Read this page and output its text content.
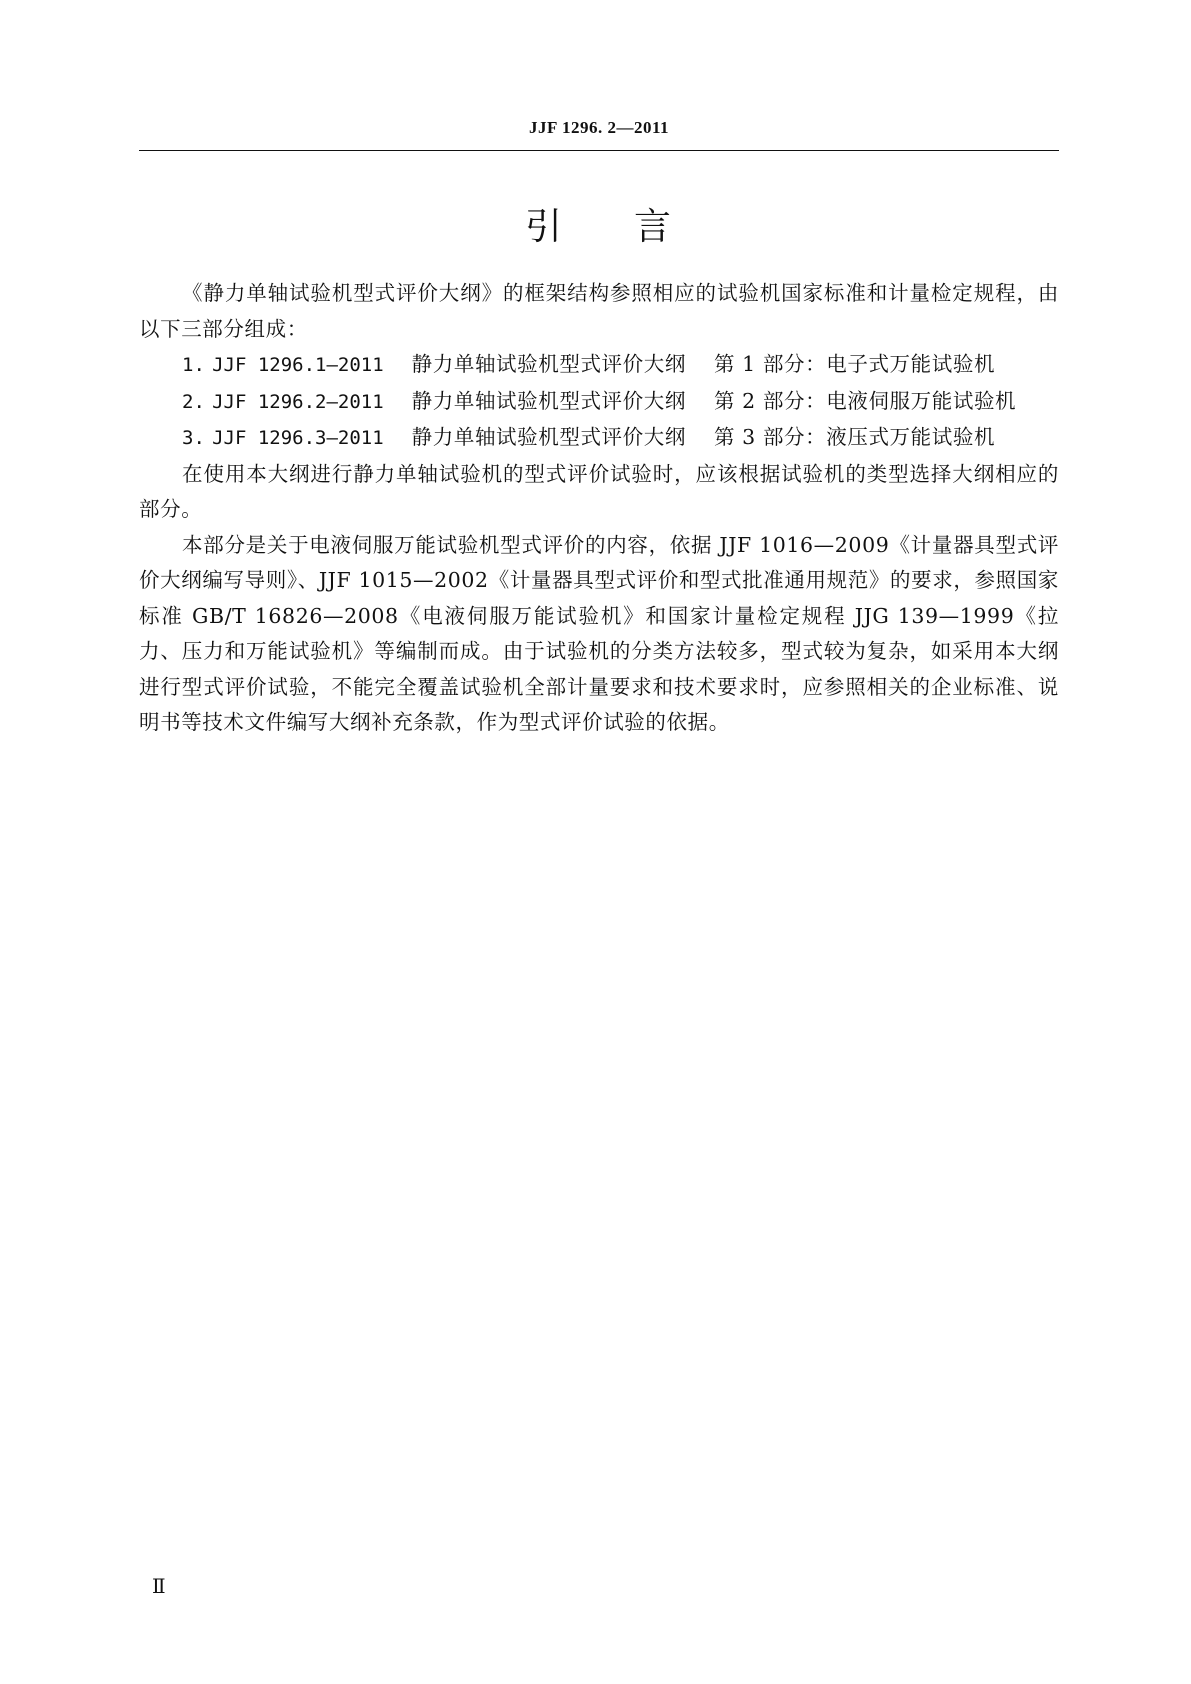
JJF 1296. 2—2011
引 言

《静力单轴试验机型式评价大纲》的框架结构参照相应的试验机国家标准和计量检定规程，由以下三部分组成：

1. JJF 1296.1—2011 静力单轴试验机型式评价大纲 第 1 部分：电子式万能试验机

2. JJF 1296.2—2011 静力单轴试验机型式评价大纲 第 2 部分：电液伺服万能试验机

3. JJF 1296.3—2011 静力单轴试验机型式评价大纲 第 3 部分：液压式万能试验机

在使用本大纲进行静力单轴试验机的型式评价试验时，应该根据试验机的类型选择大纲相应的部分。

本部分是关于电液伺服万能试验机型式评价的内容，依据 JJF 1016—2009《计量器具型式评价大纲编写导则》、JJF 1015—2002《计量器具型式评价和型式批准通用规范》的要求，参照国家标准 GB/T 16826—2008《电液伺服万能试验机》和国家计量检定规程 JJG 139—1999《拉力、压力和万能试验机》等编制而成。由于试验机的分类方法较多，型式较为复杂，如采用本大纲进行型式评价试验，不能完全覆盖试验机全部计量要求和技术要求时，应参照相关的企业标准、说明书等技术文件编写大纲补充条款，作为型式评价试验的依据。

Ⅱ
